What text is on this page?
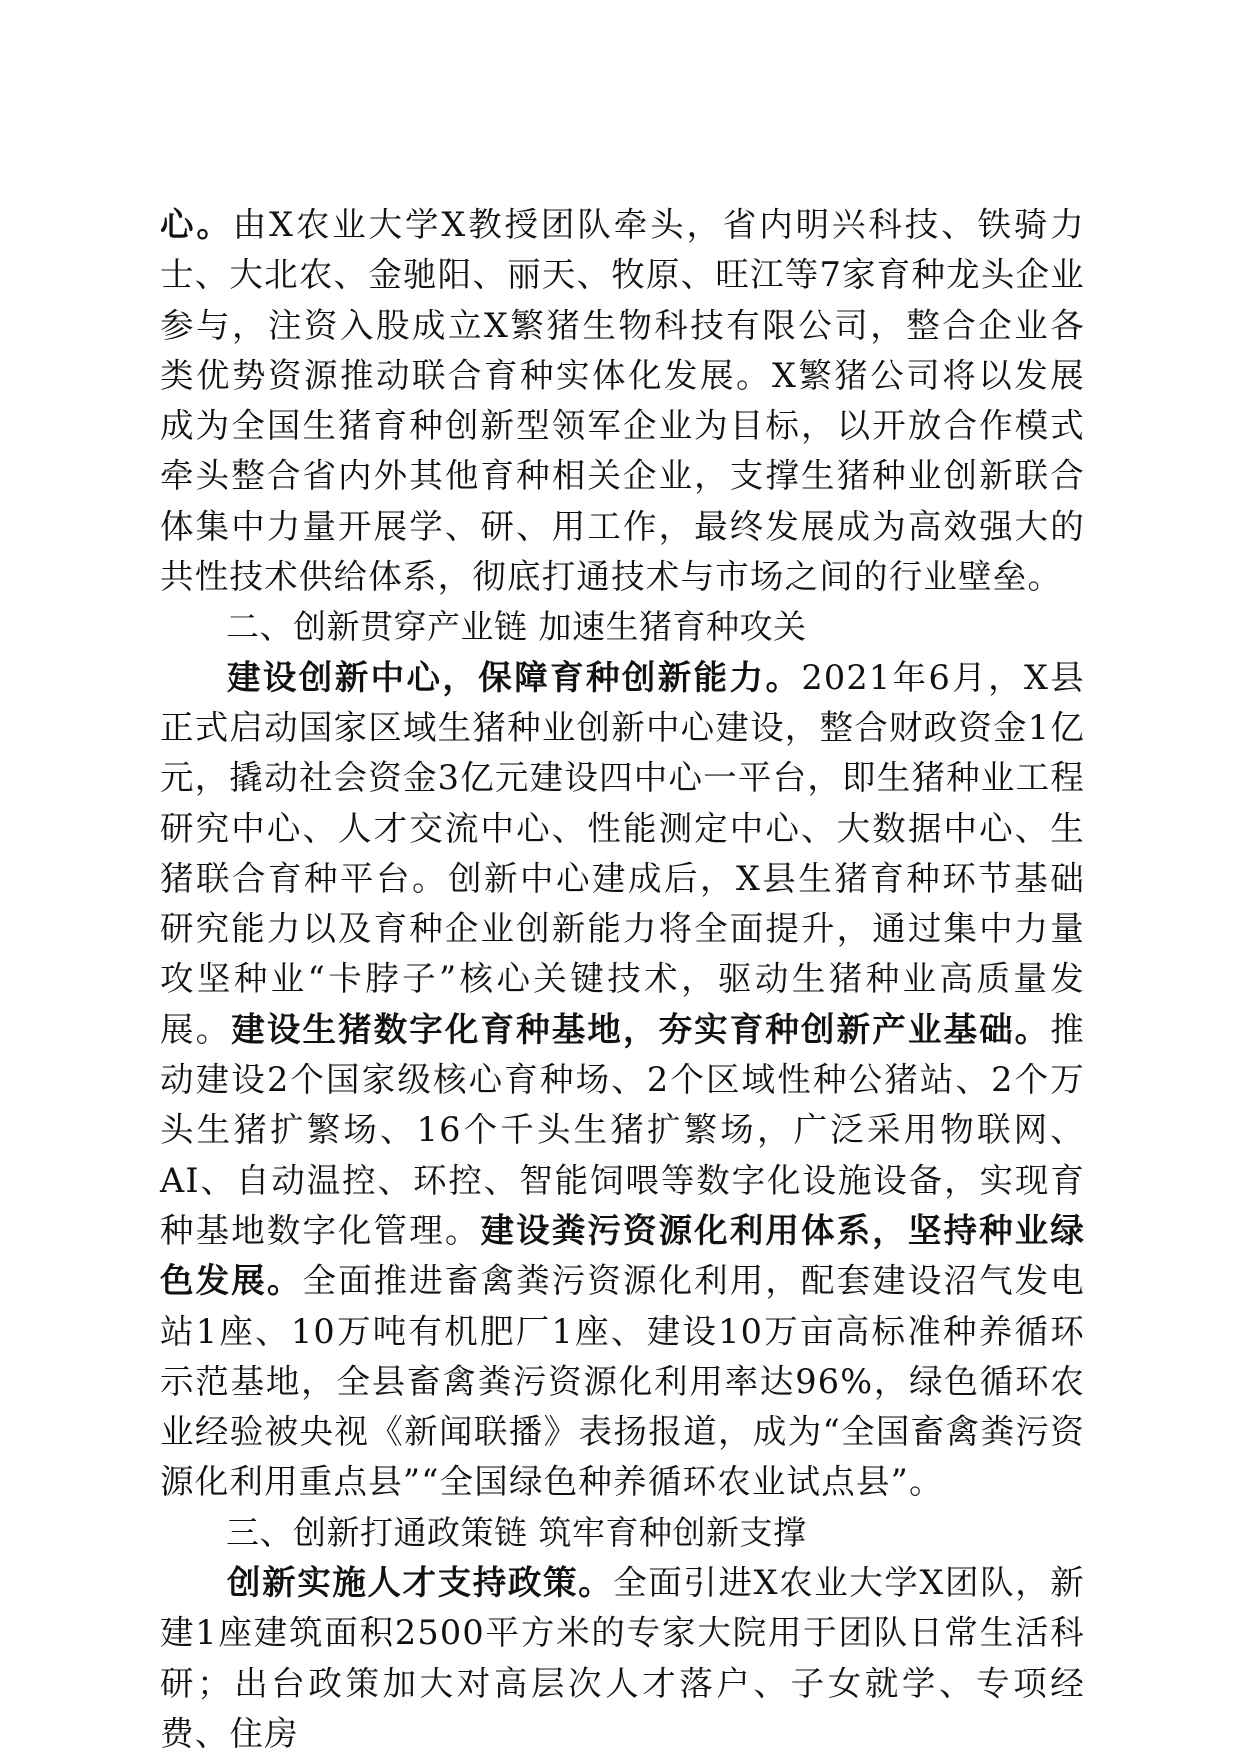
心。由X农业大学X教授团队牵头，省内明兴科技、铁骑力士、大北农、金驰阳、丽天、牧原、旺江等7家育种龙头企业参与，注资入股成立X繁猪生物科技有限公司，整合企业各类优势资源推动联合育种实体化发展。X繁猪公司将以发展成为全国生猪育种创新型领军企业为目标，以开放合作模式牵头整合省内外其他育种相关企业，支撑生猪种业创新联合体集中力量开展学、研、用工作，最终发展成为高效强大的共性技术供给体系，彻底打通技术与市场之间的行业壁垒。

二、创新贯穿产业链 加速生猪育种攻关

建设创新中心，保障育种创新能力。2021年6月，X县正式启动国家区域生猪种业创新中心建设，整合财政资金1亿元，撬动社会资金3亿元建设四中心一平台，即生猪种业工程研究中心、人才交流中心、性能测定中心、大数据中心、生猪联合育种平台。创新中心建成后，X县生猪育种环节基础研究能力以及育种企业创新能力将全面提升，通过集中力量攻坚种业“卡脖子”核心关键技术，驱动生猪种业高质量发展。建设生猪数字化育种基地，夯实育种创新产业基础。推动建设2个国家级核心育种场、2个区域性种公猪站、2个万头生猪扩繁场、16个千头生猪扩繁场，广泛采用物联网、AI、自动温控、环控、智能饲喂等数字化设施设备，实现育种基地数字化管理。建设粪污资源化利用体系，坚持种业绿色发展。全面推进畜禽粪污资源化利用，配套建设沼气发电站1座、10万吨有机肥厂1座、建设10万亩高标准种养循环示范基地，全县畜禽粪污资源化利用率达96%，绿色循环农业经验被央视《新闻联播》表扬报道，成为“全国畜禽粪污资源化利用重点县”“全国绿色种养循环农业试点县”。

三、创新打通政策链 筑牢育种创新支撑

创新实施人才支持政策。全面引进X农业大学X团队，新建1座建筑面积2500平方米的专家大院用于团队日常生活科研；出台政策加大对高层次人才落户、子女就学、专项经费、住房
